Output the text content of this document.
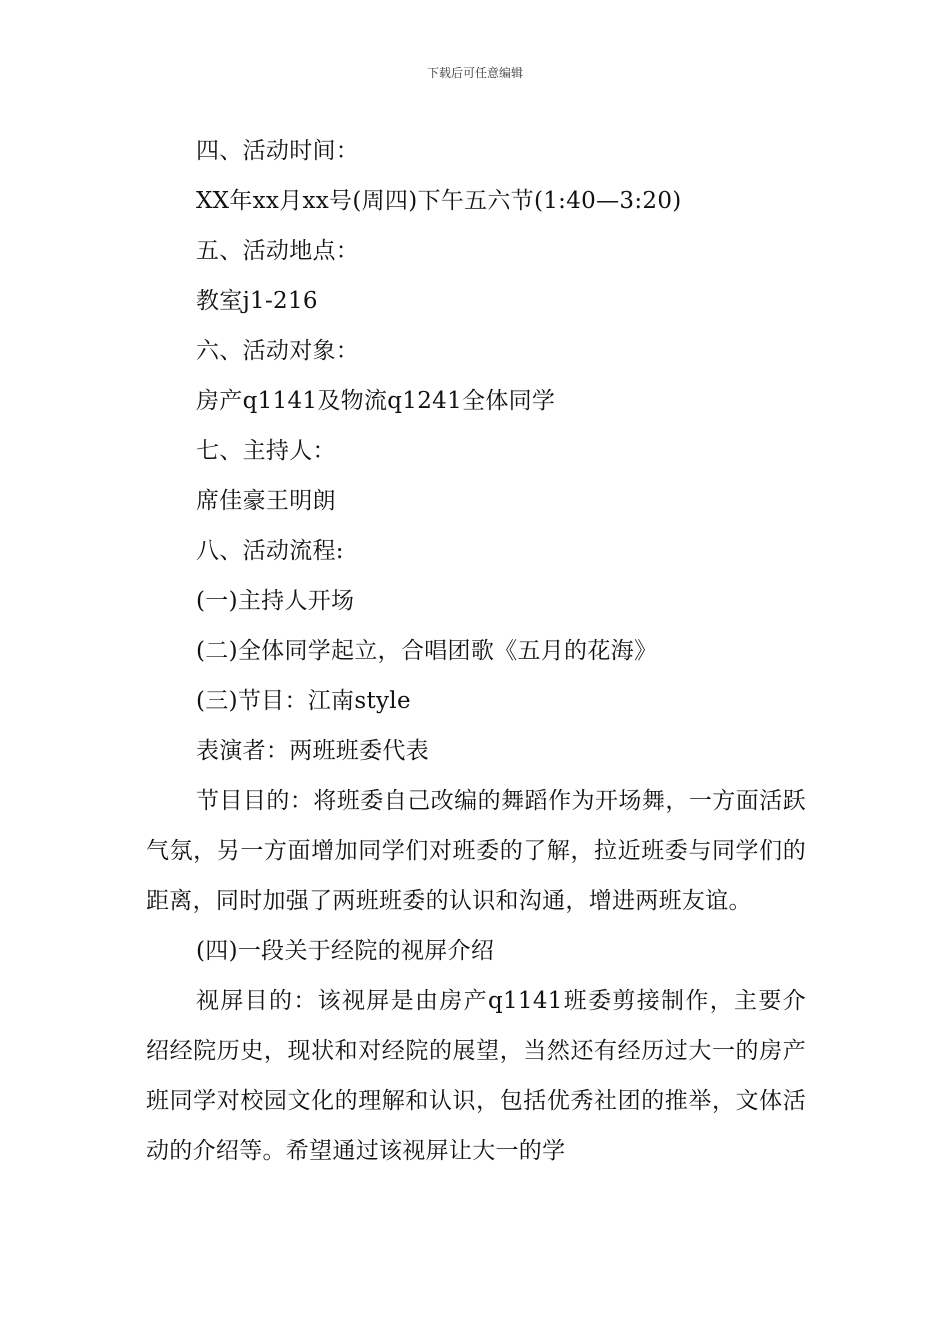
下载后可任意编辑

四、活动时间：

XX年xx月xx号(周四)下午五六节(1:40—3:20)

五、活动地点：

教室j1-216

六、活动对象：

房产q1141及物流q1241全体同学

七、主持人：

席佳豪王明朗

八、活动流程:

(一)主持人开场

(二)全体同学起立，合唱团歌《五月的花海》

(三)节目：江南style

表演者：两班班委代表

节目目的：将班委自己改编的舞蹈作为开场舞，一方面活跃气氛，另一方面增加同学们对班委的了解，拉近班委与同学们的距离，同时加强了两班班委的认识和沟通，增进两班友谊。

(四)一段关于经院的视屏介绍

视屏目的：该视屏是由房产q1141班委剪接制作，主要介绍经院历史，现状和对经院的展望，当然还有经历过大一的房产班同学对校园文化的理解和认识，包括优秀社团的推举，文体活动的介绍等。希望通过该视屏让大一的学
